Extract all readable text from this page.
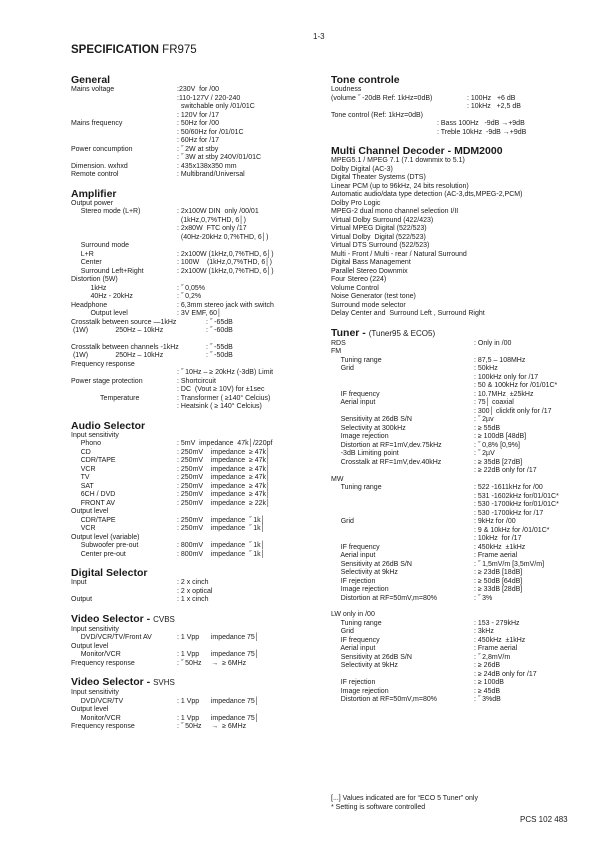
1-3
SPECIFICATION FR975
General
Mains voltage	:230V  for /00
:110-127V / 220-240
switchable only /01/01C
: 120V for /17
Mains frequency	: 50Hz for /00
: 50/60Hz for /01/01C
: 60Hz for /17
Power concumption	: ˝ 2W at stby
: ˝ 3W at stby 240V/01/01C
Dimension. wxhxd	: 435x138x350 mm
Remote control	: Multibrand/Universal
Amplifier
Output power
Stereo mode (L+R)	: 2x100W DIN  only /00/01
(1kHz,0,7%THD, 6│)
: 2x80W  FTC only /17
(40Hz-20kHz 0,7%THD, 6│)
Surround mode
L+R	: 2x100W (1kHz,0,7%THD, 6│)
Center	: 100W    (1kHz,0,7%THD, 6│)
Surround Left+Right	: 2x100W (1kHz,0,7%THD, 6│)
Distortion (5W)
1kHz	: ˝ 0,05%
40Hz - 20kHz	: ˝ 0,2%
Headphone	: 6,3mm stereo jack with switch
Output level	: 3V EMF, 60│
Crosstalk between source —1kHz	: ˝ -65dB
(1W)              250Hz – 10kHz	: ˝ -60dB
Crosstalk between channels -1kHz	: ˝ -55dB
(1W)              250Hz – 10kHz	: ˝ -50dB
Frequency response
: ˝ 10Hz – ≥ 20kHz (-3dB) Limit
Power stage protection	: Shortcircuit
: DC  (Vout ≥ 10V) for ±1sec
Temperature	: Transformer ( ≥140° Celcius)
: Heatsink ( ≥ 140° Celcius)
Audio Selector
Input sensitivity
Phono	: 5mV  impedance  47k│/220pf
CD	: 250mV    impedance  ≥ 47k│
CDR/TAPE	: 250mV    impedance  ≥ 47k│
VCR	: 250mV    impedance  ≥ 47k│
TV	: 250mV    impedance  ≥ 47k│
SAT	: 250mV    impedance  ≥ 47k│
6CH / DVD	: 250mV    impedance  ≥ 47k│
FRONT AV	: 250mV    impedance  ≥ 22k│
Output level
CDR/TAPE	: 250mV    impedance  ˝ 1k│
VCR	: 250mV    impedance  ˝ 1k│
Output level (variable)
Subwoofer pre-out	: 800mV    impedance  ˝ 1k│
Center pre-out	: 800mV    impedance  ˝ 1k│
Digital Selector
Input	: 2 x cinch
: 2 x optical
Output	: 1 x cinch
Video Selector - CVBS
Input sensitivity
DVD/VCR/TV/Front AV	: 1 Vpp      impedance 75│
Output level
Monitor/VCR	: 1 Vpp      impedance 75│
Frequency response	: ˝ 50Hz     →  ≥ 6MHz
Video Selector - SVHS
Input sensitivity
DVD/VCR/TV	: 1 Vpp      impedance 75│
Output level
Monitor/VCR	: 1 Vpp      impedance 75│
Frequency response	: ˝ 50Hz     →  ≥ 6MHz
Tone controle
Loudness
(volume ˝ -20dB Ref: 1kHz=0dB)	: 100Hz   +6 dB
: 10kHz   +2,5 dB
Tone control (Ref: 1kHz=0dB)
: Bass 100Hz   -9dB →+9dB
: Treble 10kHz  -9dB →+9dB
Multi Channel Decoder - MDM2000
MPEG5.1 / MPEG 7.1 (7.1 downmix to 5.1)
Dolby Digital (AC-3)
Digital Theater Systems (DTS)
Linear PCM (up to 96kHz, 24 bits resolution)
Automatic audio/data type detection (AC-3,dts,MPEG-2,PCM)
Dolby Pro Logic
MPEG-2 dual mono channel selection I/II
Virtual Dolby Surround (422/423)
Virtual MPEG Digital (522/523)
Virtual Dolby  Digital (522/523)
Virtual DTS Surround (522/523)
Multi - Front / Multi - rear / Natural Surround
Digital Bass Management
Parallel Stereo Downmix
Four Stereo (224)
Volume Control
Noise Generator (test tone)
Surround mode selector
Delay Center and  Surround Left , Surround Right
Tuner - (Tuner95 & ECO5)
RDS	: Only in /00
FM
Tuning range	: 87,5 – 108MHz
Grid	: 50kHz
: 100kHz only for /17
: 50 & 100kHz for /01/01C*
IF frequency	: 10.7MHz  ±25kHz
Aerial input	: 75│ coaxial
: 300│ clickfit only for /17
Sensitivity at 26dB S/N	: ˝ 2µv
Selectivity at 300kHz	: ≥ 55dB
Image rejection	: ≥ 100dB [48dB]
Distortion at RF=1mV,dev.75kHz	: ˝ 0,8% [0,9%]
-3dB Limiting point	: ˝ 2µV
Crosstalk at RF=1mV,dev.40kHz	: ≥ 35dB [27dB]
: ≥ 22dB only for /17
MW
Tuning range	: 522 -1611kHz for /00
: 531 -1602kHz for/01/01C*
: 530 -1700kHz for/01/01C*
: 530 -1700kHz for /17
Grid	: 9kHz for /00
: 9 & 10kHz for /01/01C*
: 10kHz  for /17
IF frequency	: 450kHz  ±1kHz
Aerial input	: Frame aerial
Sensitivity at 26dB S/N	: ˝ 1,5mV/m [3,5mV/m]
Selectivity at 9kHz	: ≥ 23dB [18dB]
IF rejection	: ≥ 50dB [64dB]
Image rejection	: ≥ 33dB [28dB]
Distortion at RF=50mV,m=80%	: ˝ 3%
LW only in /00
Tuning range	: 153 - 279kHz
Grid	: 3kHz
IF frequency	: 450kHz  ±1kHz
Aerial input	: Frame aerial
Sensitivity at 26dB S/N	: ˝ 2,8mV/m
Selectivity at 9kHz	: ≥ 26dB
: ≥ 24dB only for /17
IF rejection	: ≥ 100dB
Image rejection	: ≥ 45dB
Distortion at RF=50mV,m=80%	: ˝ 3%dB
[...] Values indicated are for “ECO 5 Tuner” only
* Setting is software controlled
PCS 102 483
